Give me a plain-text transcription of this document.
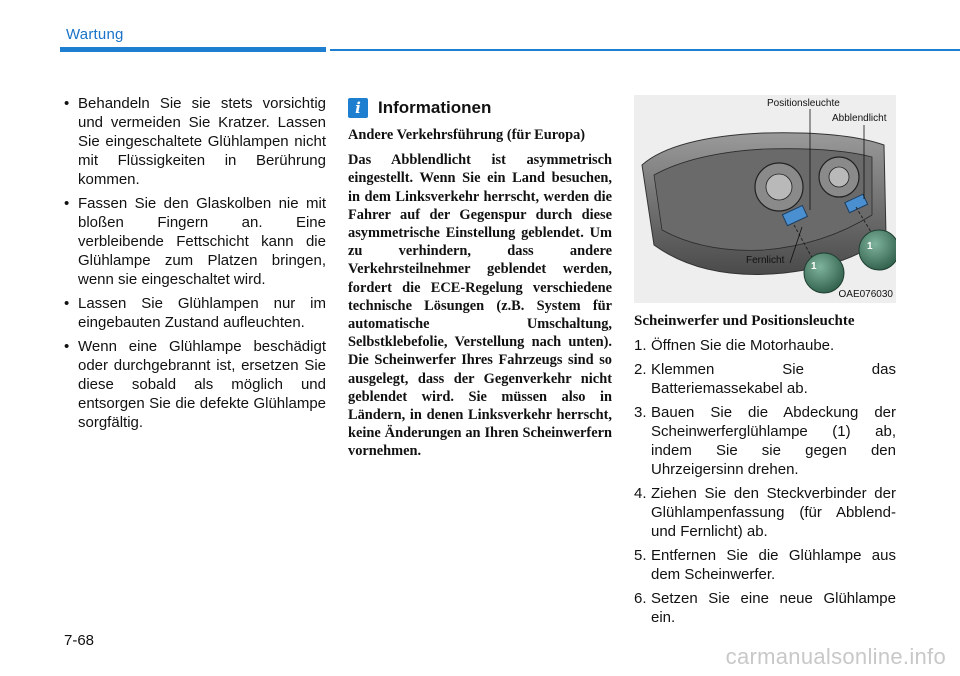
Wartung
• Behandeln Sie sie stets vorsichtig und vermeiden Sie Kratzer. Lassen Sie eingeschaltete Glühlampen nicht mit Flüssigkeiten in Berührung kommen.
• Fassen Sie den Glaskolben nie mit bloßen Fingern an. Eine verbleibende Fettschicht kann die Glühlampe zum Platzen bringen, wenn sie eingeschaltet wird.
• Lassen Sie Glühlampen nur im eingebauten Zustand aufleuchten.
• Wenn eine Glühlampe beschädigt oder durchgebrannt ist, ersetzen Sie diese sobald als möglich und entsorgen Sie die defekte Glühlampe sorgfältig.
i	Informationen

Andere Verkehrsführung (für Europa)

Das Abblendlicht ist asymmetrisch eingestellt. Wenn Sie ein Land besuchen, in dem Linksverkehr herrscht, werden die Fahrer auf der Gegenspur durch diese asymmetrische Einstellung geblendet. Um zu verhindern, dass andere Verkehrsteilnehmer geblendet werden, fordert die ECE-Regelung verschiedene technische Lösungen (z.B. System für automatische Umschaltung, Selbstklebefolie, Verstellung nach unten). Die Scheinwerfer Ihres Fahrzeugs sind so ausgelegt, dass der Gegenverkehr nicht geblendet wird. Sie müssen also in Ländern, in denen Linksverkehr herrscht, keine Änderungen an Ihren Scheinwerfern vornehmen.

Positionsleuchte
Abblendlicht
Fernlicht
1
1
OAE076030
Scheinwerfer und Positionsleuchte
1. Öffnen Sie die Motorhaube.
2. Klemmen Sie das Batteriemassekabel ab.
3. Bauen Sie die Abdeckung der Scheinwerferglühlampe (1) ab, indem Sie sie gegen den Uhrzeigersinn drehen.
4. Ziehen Sie den Steckverbinder der Glühlampenfassung (für Abblend- und Fernlicht) ab.
5. Entfernen Sie die Glühlampe aus dem Scheinwerfer.
6. Setzen Sie eine neue Glühlampe ein.
7-68
carmanualsonline.info
